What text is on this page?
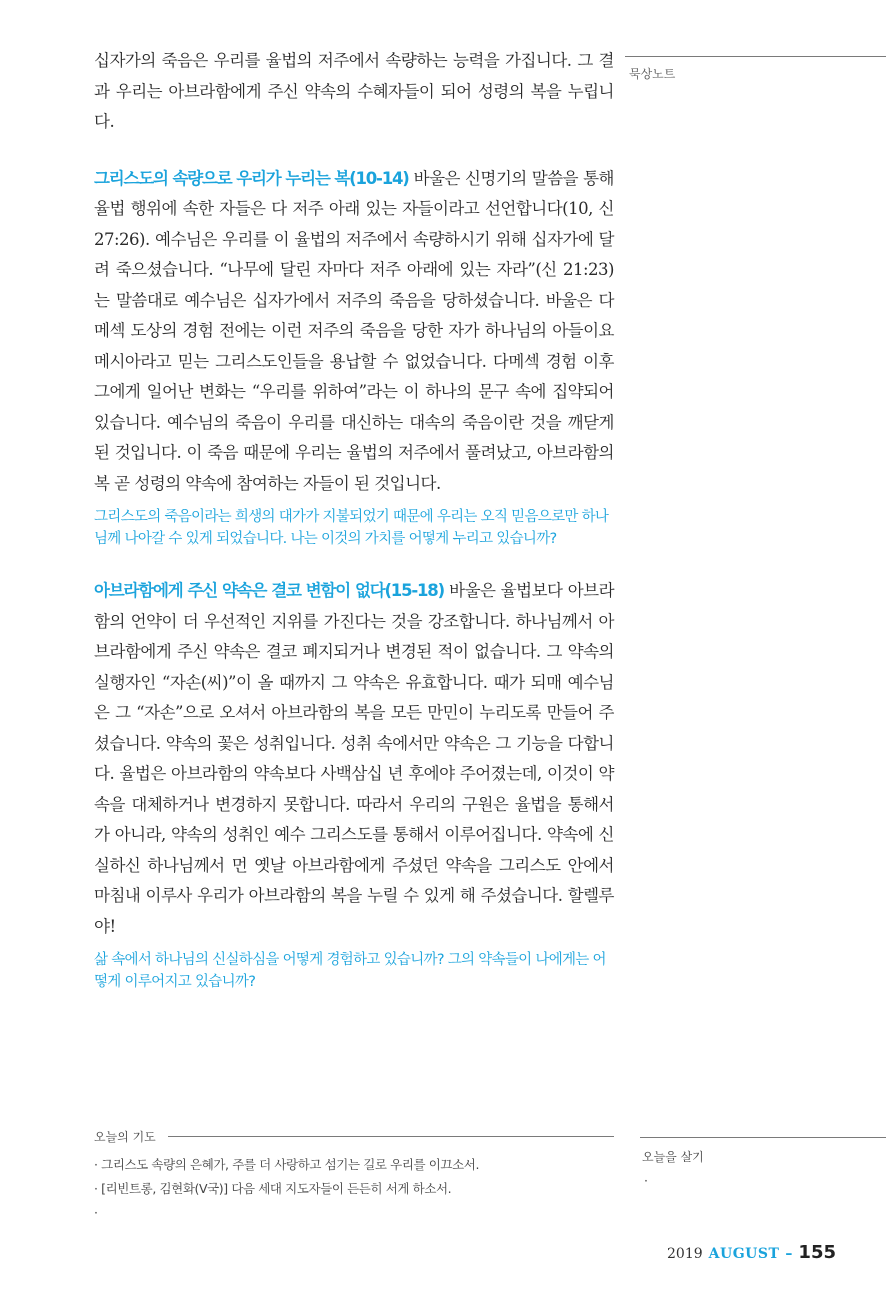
십자가의 죽음은 우리를 율법의 저주에서 속량하는 능력을 가집니다. 그 결과 우리는 아브라함에게 주신 약속의 수혜자들이 되어 성령의 복을 누립니다.

그리스도의 속량으로 우리가 누리는 복(10-14) 바울은 신명기의 말씀을 통해 율법 행위에 속한 자들은 다 저주 아래 있는 자들이라고 선언합니다(10, 신 27:26). 예수님은 우리를 이 율법의 저주에서 속량하시기 위해 십자가에 달려 죽으셨습니다. “나무에 달린 자마다 저주 아래에 있는 자라”(신 21:23)는 말씀대로 예수님은 십자가에서 저주의 죽음을 당하셨습니다. 바울은 다메섹 도상의 경험 전에는 이런 저주의 죽음을 당한 자가 하나님의 아들이요 메시아라고 믿는 그리스도인들을 용납할 수 없었습니다. 다메섹 경험 이후 그에게 일어난 변화는 “우리를 위하여”라는 이 하나의 문구 속에 집약되어 있습니다. 예수님의 죽음이 우리를 대신하는 대속의 죽음이란 것을 깨닫게 된 것입니다. 이 죽음 때문에 우리는 율법의 저주에서 풀려났고, 아브라함의 복 곧 성령의 약속에 참여하는 자들이 된 것입니다.

그리스도의 죽음이라는 희생의 대가가 지불되었기 때문에 우리는 오직 믿음으로만 하나님께 나아갈 수 있게 되었습니다. 나는 이것의 가치를 어떻게 누리고 있습니까?

아브라함에게 주신 약속은 결코 변함이 없다(15-18) 바울은 율법보다 아브라함의 언약이 더 우선적인 지위를 가진다는 것을 강조합니다. 하나님께서 아브라함에게 주신 약속은 결코 폐지되거나 변경된 적이 없습니다. 그 약속의 실행자인 “자손(씨)”이 올 때까지 그 약속은 유효합니다. 때가 되매 예수님은 그 “자손”으로 오셔서 아브라함의 복을 모든 만민이 누리도록 만들어 주셨습니다. 약속의 꽃은 성취입니다. 성취 속에서만 약속은 그 기능을 다합니다. 율법은 아브라함의 약속보다 사백삼십 년 후에야 주어졌는데, 이것이 약속을 대체하거나 변경하지 못합니다. 따라서 우리의 구원은 율법을 통해서가 아니라, 약속의 성취인 예수 그리스도를 통해서 이루어집니다. 약속에 신실하신 하나님께서 먼 옛날 아브라함에게 주셨던 약속을 그리스도 안에서 마침내 이루사 우리가 아브라함의 복을 누릴 수 있게 해 주셨습니다. 할렐루야!

삶 속에서 하나님의 신실하심을 어떻게 경험하고 있습니까? 그의 약속들이 나에게는 어떻게 이루어지고 있습니까?

묵상노트
오늘의 기도
· 그리스도 속량의 은혜가, 주를 더 사랑하고 섬기는 길로 우리를 이끄소서.
· [리빈트롱, 김현화(V국)] 다음 세대 지도자들이 든든히 서게 하소서.
·
오늘을 살기
·
2019 AUGUST – 155
